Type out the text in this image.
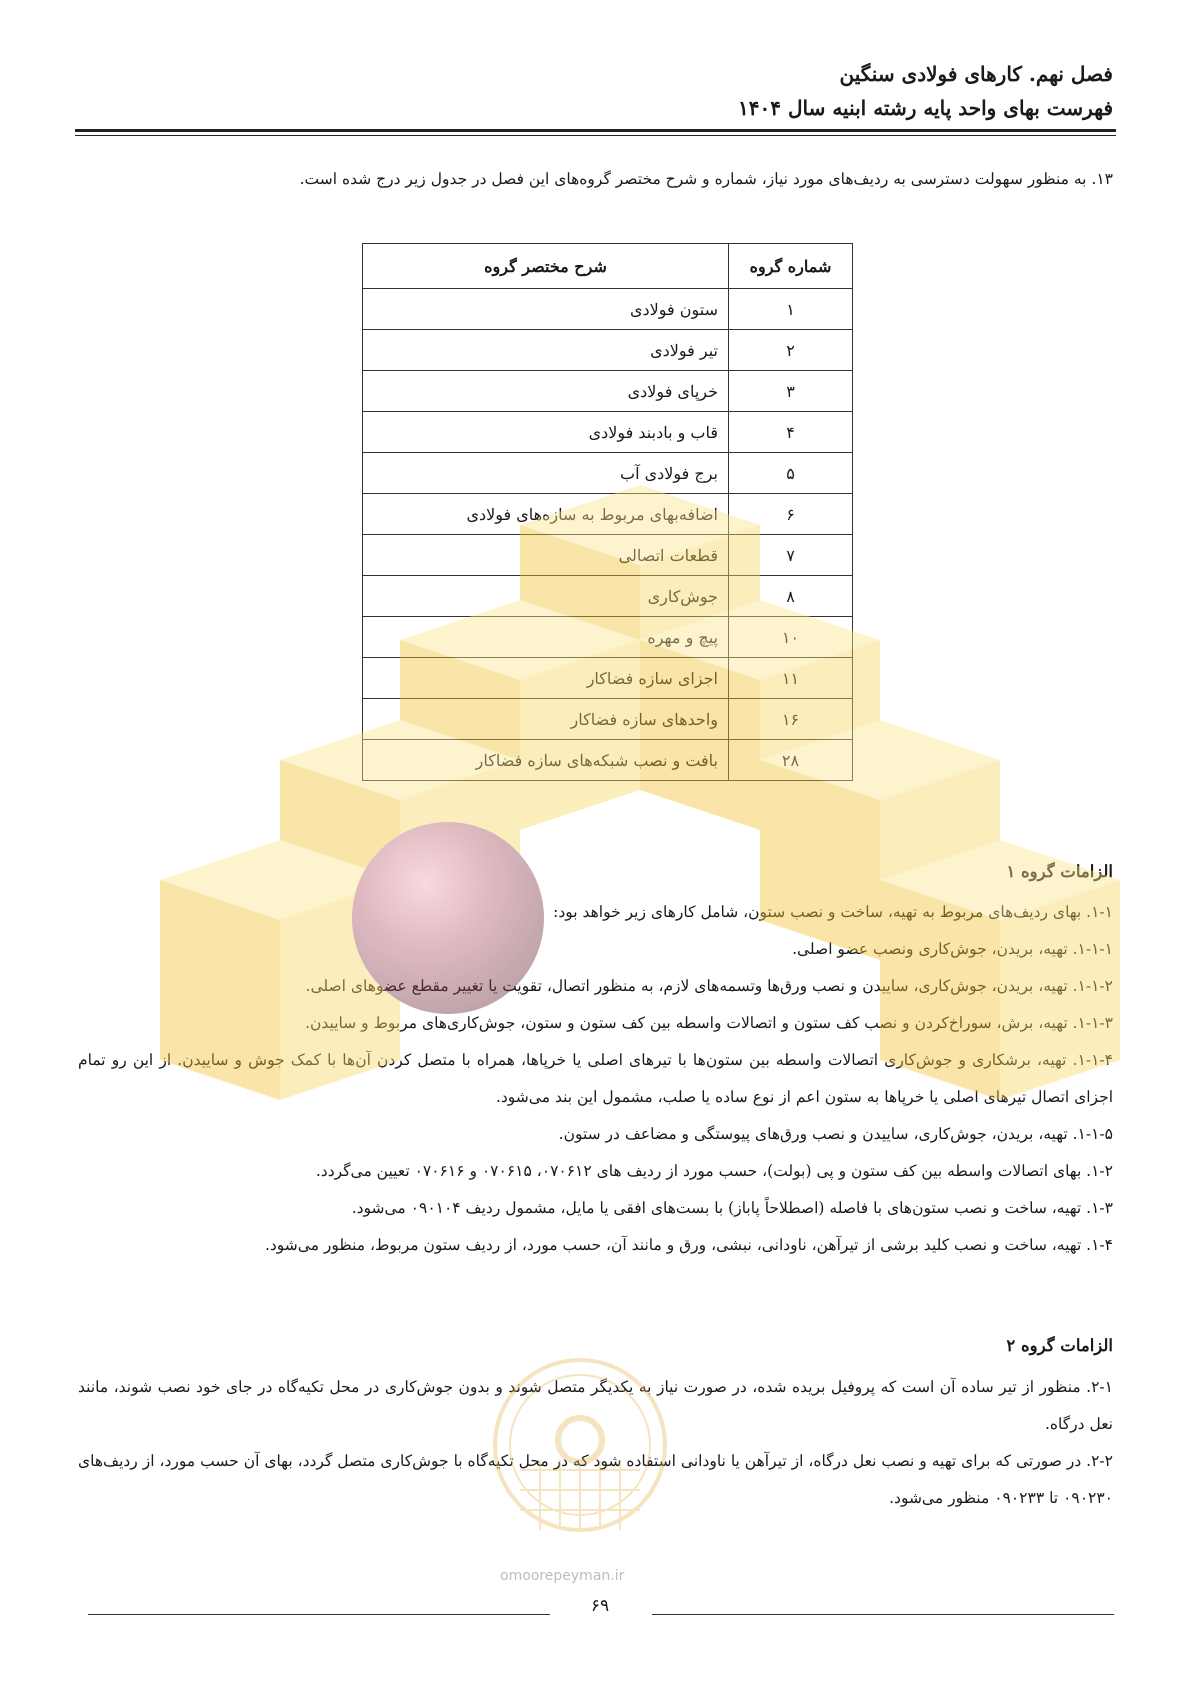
فصل نهم. کارهای فولادی سنگین
فهرست بهای واحد پایه رشته ابنیه سال ۱۴۰۴
۱۳. به منظور سهولت دسترسی به ردیف‌های مورد نیاز، شماره و شرح مختصر گروه‌های این فصل در جدول زیر درج شده است.
شماره گروه	شرح مختصر گروه
۱	ستون فولادی
۲	تیر فولادی
۳	خرپای فولادی
۴	قاب و بادبند فولادی
۵	برج فولادی آب
۶	اضافه‌بهای مربوط به سازه‌های فولادی
۷	قطعات اتصالی
۸	جوش‌کاری
۱۰	پیچ و مهره
۱۱	اجزای سازه فضاکار
۱۶	واحدهای سازه فضاکار
۲۸	بافت و نصب شبکه‌های سازه فضاکار
الزامات گروه ۱

۱-۱. بهای ردیف‌های مربوط به تهیه، ساخت و نصب ستون، شامل کارهای زیر خواهد بود:

۱-۱-۱. تهیه، بریدن، جوش‌کاری ونصب عضو اصلی.

۱-۱-۲. تهیه، بریدن، جوش‌کاری، ساییدن و نصب ورق‌ها وتسمه‌های لازم، به منظور اتصال، تقویت یا تغییر مقطع عضوهای اصلی.

۱-۱-۳. تهیه، برش، سوراخ‌کردن و نصب کف ستون و اتصالات واسطه بین کف ستون و ستون، جوش‌کاری‌های مربوط و ساییدن.

۱-۱-۴. تهیه، برشکاری و جوش‌کاری اتصالات واسطه بین ستون‌ها با تیرهای اصلی یا خرپاها، همراه با متصل کردن آن‌ها با کمک جوش و ساییدن. از این رو تمام اجزای اتصال تیرهای اصلی یا خرپاها به ستون اعم از نوع ساده یا صلب، مشمول این بند می‌شود.

۱-۱-۵. تهیه، بریدن، جوش‌کاری، ساییدن و نصب ورق‌های پیوستگی و مضاعف در ستون.

۱-۲. بهای اتصالات واسطه بین کف ستون و پی (بولت)، حسب مورد از ردیف های ۰۷۰۶۱۲، ۰۷۰۶۱۵ و ۰۷۰۶۱۶ تعیین می‌گردد.

۱-۳. تهیه، ساخت و نصب ستون‌های با فاصله (اصطلاحاً پاباز) با بست‌های افقی یا مایل، مشمول ردیف ۰۹۰۱۰۴ می‌شود.

۱-۴. تهیه، ساخت و نصب کلید برشی از تیرآهن، ناودانی، نبشی، ورق و مانند آن، حسب مورد، از ردیف ستون مربوط، منظور می‌شود.

الزامات گروه ۲

۲-۱. منظور از تیر ساده آن است که پروفیل بریده شده، در صورت نیاز به یکدیگر متصل شوند و بدون جوش‌کاری در محل تکیه‌گاه در جای خود نصب شوند، مانند نعل درگاه.

۲-۲. در صورتی که برای تهیه و نصب نعل درگاه، از تیرآهن یا ناودانی استفاده شود که در محل تکیه‌گاه با جوش‌کاری متصل گردد، بهای آن حسب مورد، از ردیف‌های ۰۹۰۲۳۰ تا ۰۹۰۲۳۳ منظور می‌شود.

omoorepeyman.ir
۶۹
